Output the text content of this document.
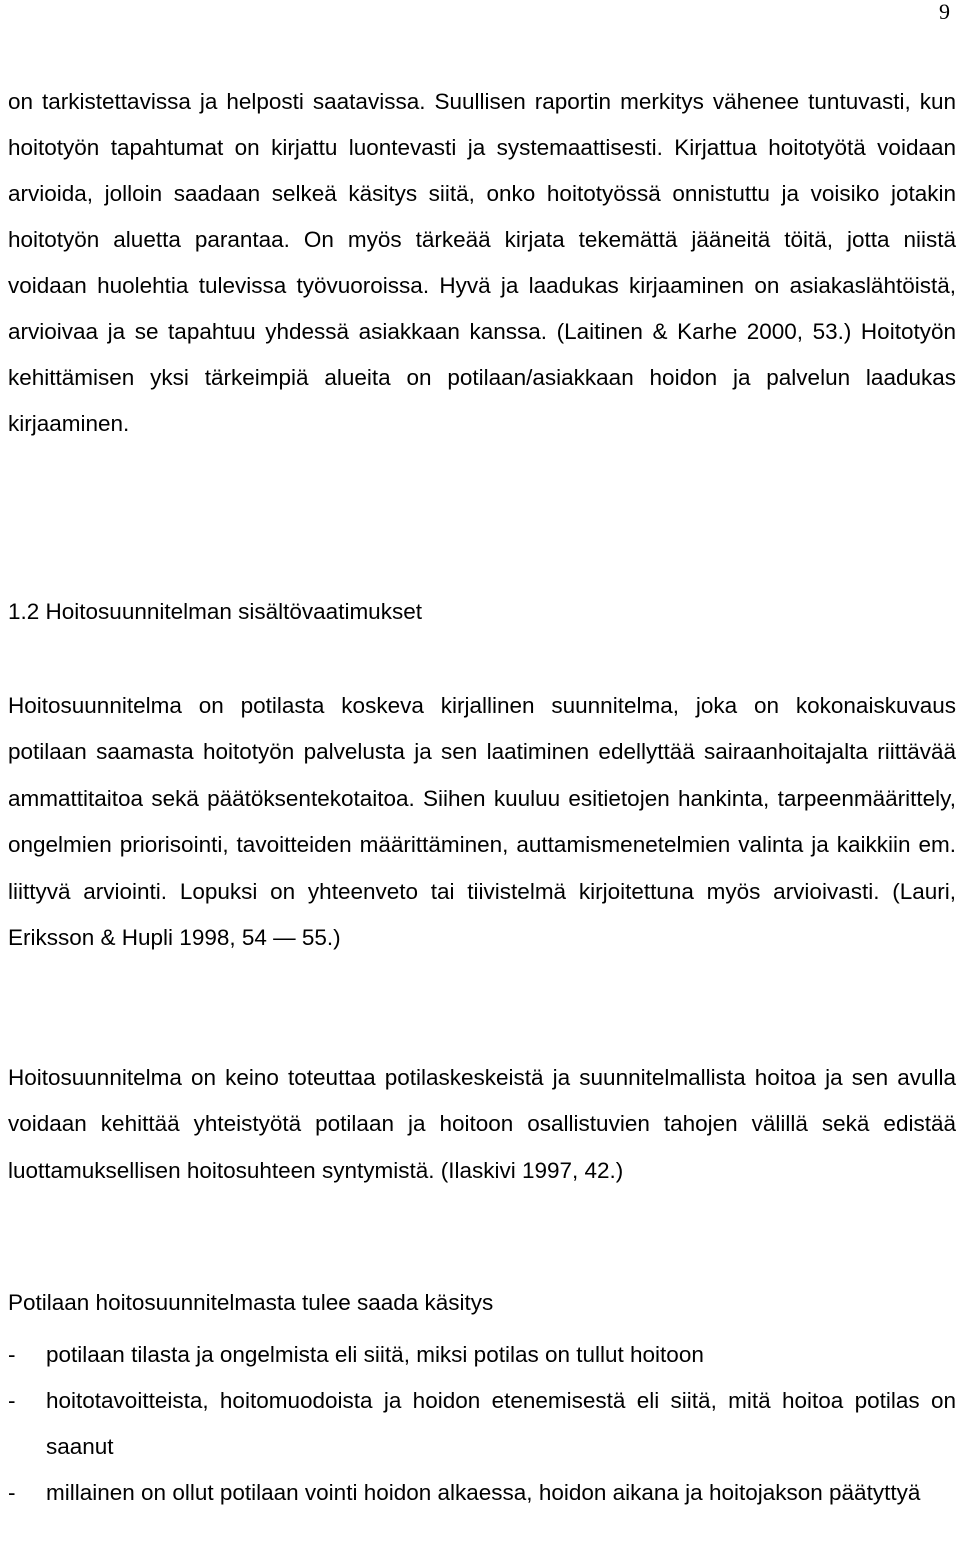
9

on tarkistettavissa ja helposti saatavissa. Suullisen raportin merkitys vähenee tuntuvasti, kun hoitotyön tapahtumat on kirjattu luontevasti ja systemaattisesti. Kirjattua hoitotyötä voidaan arvioida, jolloin saadaan selkeä käsitys siitä, onko hoitotyössä onnistuttu ja voisiko jotakin hoitotyön aluetta parantaa. On myös tärkeää kirjata tekemättä jääneitä töitä, jotta niistä voidaan huolehtia tulevissa työvuoroissa. Hyvä ja laadukas kirjaaminen on asiakaslähtöistä, arvioivaa ja se tapahtuu yhdessä asiakkaan kanssa. (Laitinen & Karhe 2000, 53.) Hoitotyön kehittämisen yksi tärkeimpiä alueita on potilaan/asiakkaan hoidon ja palvelun laadukas kirjaaminen.

1.2 Hoitosuunnitelman sisältövaatimukset

Hoitosuunnitelma on potilasta koskeva kirjallinen suunnitelma, joka on kokonaiskuvaus potilaan saamasta hoitotyön palvelusta ja sen laatiminen edellyttää sairaanhoitajalta riittävää ammattitaitoa sekä päätöksentekotaitoa. Siihen kuuluu esitietojen hankinta, tarpeenmäärittely, ongelmien priorisointi, tavoitteiden määrittäminen, auttamismenetelmien valinta ja kaikkiin em. liittyvä arviointi. Lopuksi on yhteenveto tai tiivistelmä kirjoitettuna myös arvioivasti. (Lauri, Eriksson & Hupli 1998, 54 — 55.)

Hoitosuunnitelma on keino toteuttaa potilaskeskeistä ja suunnitelmallista hoitoa ja sen avulla voidaan kehittää yhteistyötä potilaan ja hoitoon osallistuvien tahojen välillä sekä edistää luottamuksellisen hoitosuhteen syntymistä. (Ilaskivi 1997, 42.)

Potilaan hoitosuunnitelmasta tulee saada käsitys

- potilaan tilasta ja ongelmista eli siitä, miksi potilas on tullut hoitoon
- hoitotavoitteista, hoitomuodoista ja hoidon etenemisestä eli siitä, mitä hoitoa potilas on saanut
- millainen on ollut potilaan vointi hoidon alkaessa, hoidon aikana ja hoitojakson päätyttyä
